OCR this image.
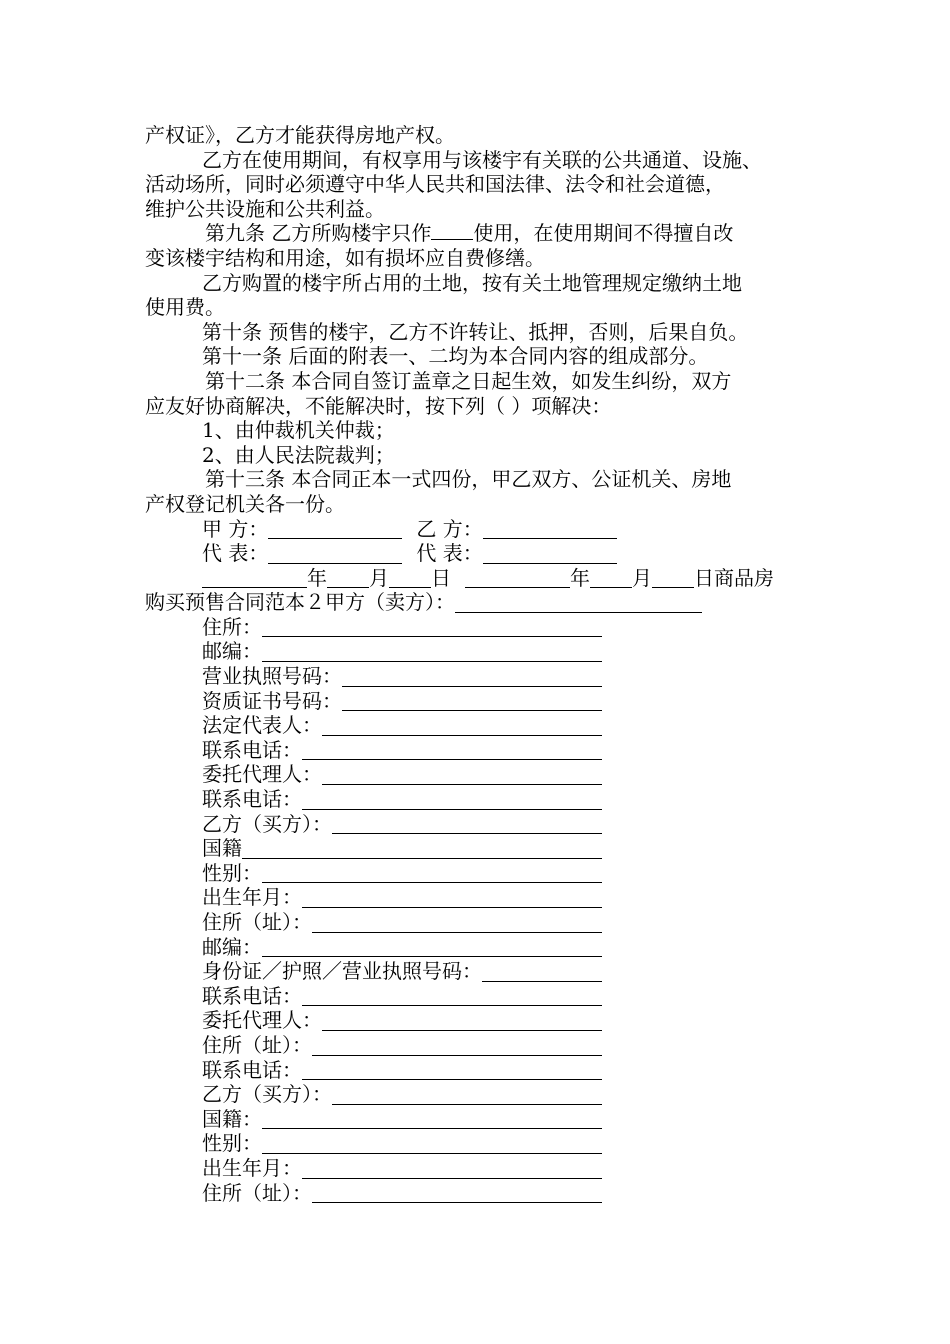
产权证》，乙方才能获得房地产权。
乙方在使用期间，有权享用与该楼宇有关联的公共通道、设施、
活动场所，同时必须遵守中华人民共和国法律、法令和社会道德，
维护公共设施和公共利益。
第九条 乙方所购楼宇只作 使用，在使用期间不得擅自改
变该楼宇结构和用途，如有损坏应自费修缮。
乙方购置的楼宇所占用的土地，按有关土地管理规定缴纳土地
使用费。
第十条 预售的楼宇，乙方不许转让、抵押，否则，后果自负。
第十一条 后面的附表一、二均为本合同内容的组成部分。
第十二条 本合同自签订盖章之日起生效，如发生纠纷，双方
应友好协商解决，不能解决时，按下列（ ）项解决：
1、由仲裁机关仲裁；
2、由人民法院裁判；
第十三条 本合同正本一式四份，甲乙双方、公证机关、房地
产权登记机关各一份。
甲 方：	乙 方：
代 表：	代 表：
年 月 日	年 月 日商品房
购买预售合同范本２甲方（卖方）：
住所：
邮编：
营业执照号码：
资质证书号码：
法定代表人：
联系电话：
委托代理人：
联系电话：
乙方（买方）：
国籍
性别：
出生年月：
住所（址）：
邮编：
身份证／护照／营业执照号码：
联系电话：
委托代理人：
住所（址）：
联系电话：
乙方（买方）：
国籍：
性别：
出生年月：
住所（址）：
